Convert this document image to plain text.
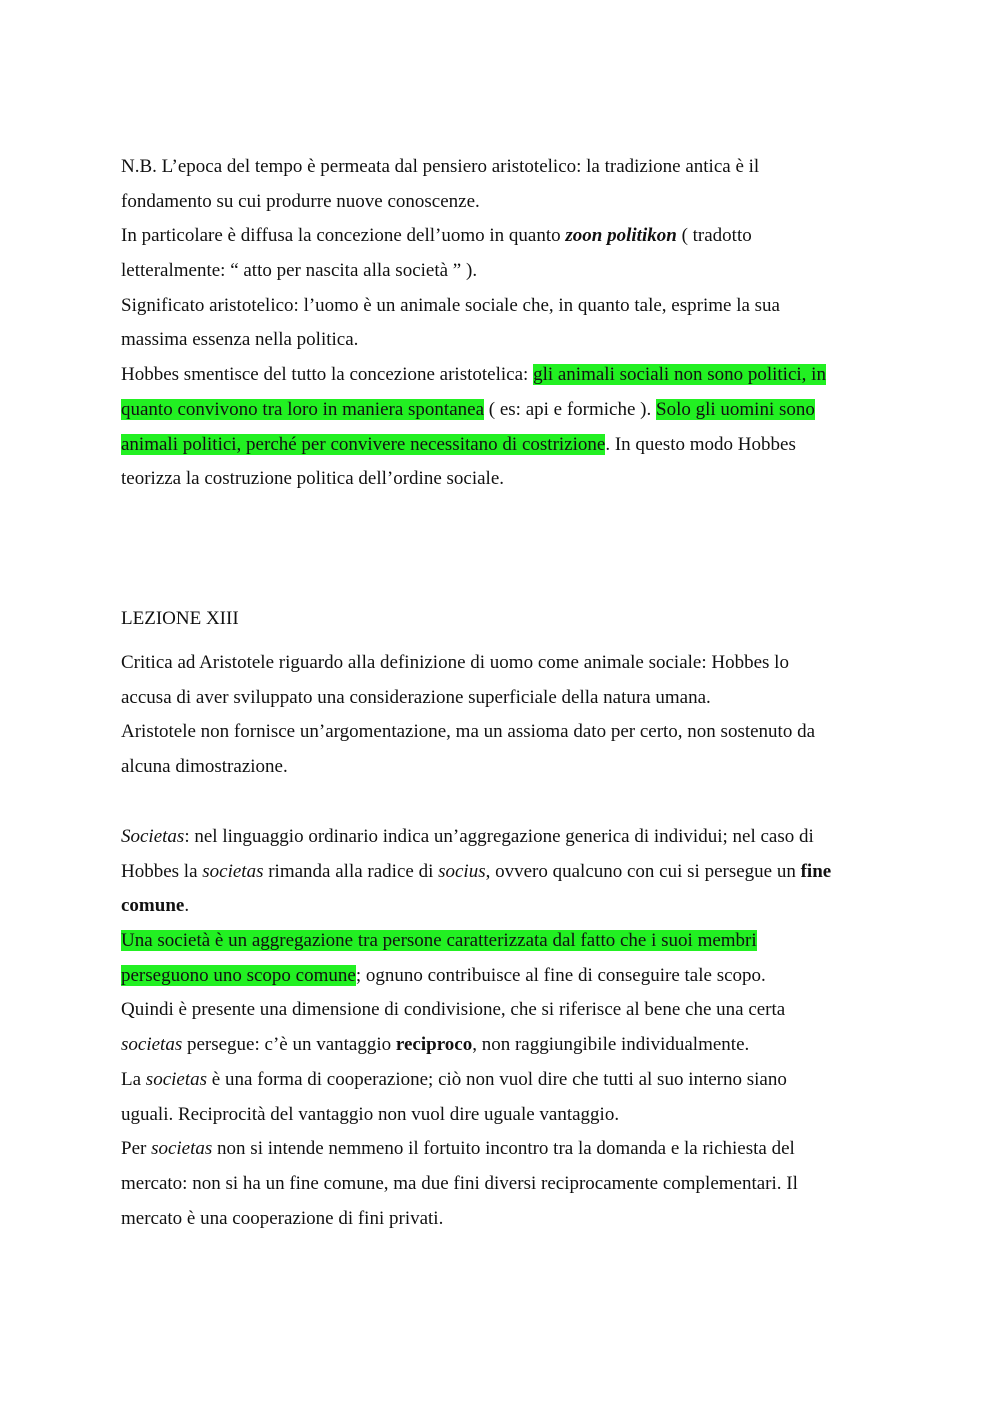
N.B. L’epoca del tempo è permeata dal pensiero aristotelico: la tradizione antica è il
fondamento su cui produrre nuove conoscenze.
In particolare è diffusa la concezione dell’uomo in quanto zoon politikon ( tradotto
letteralmente: “ atto per nascita alla società ” ).
Significato aristotelico: l’uomo è un animale sociale che, in quanto tale, esprime la sua
massima essenza nella politica.
Hobbes smentisce del tutto la concezione aristotelica: gli animali sociali non sono politici, in
quanto convivono tra loro in maniera spontanea ( es: api e formiche ). Solo gli uomini sono
animali politici, perché per convivere necessitano di costrizione. In questo modo Hobbes
teorizza la costruzione politica dell’ordine sociale.
LEZIONE XIII
Critica ad Aristotele riguardo alla definizione di uomo come animale sociale: Hobbes lo
accusa di aver sviluppato una considerazione superficiale della natura umana.
Aristotele non fornisce un’argomentazione, ma un assioma dato per certo, non sostenuto da
alcuna dimostrazione.
Societas: nel linguaggio ordinario indica un’aggregazione generica di individui; nel caso di
Hobbes la societas rimanda alla radice di socius, ovvero qualcuno con cui si persegue un fine
comune.
Una società è un aggregazione tra persone caratterizzata dal fatto che i suoi membri
perseguono uno scopo comune; ognuno contribuisce al fine di conseguire tale scopo.
Quindi è presente una dimensione di condivisione, che si riferisce al bene che una certa
societas persegue: c’è un vantaggio reciproco, non raggiungibile individualmente.
La societas è una forma di cooperazione; ciò non vuol dire che tutti al suo interno siano
uguali. Reciprocità del vantaggio non vuol dire uguale vantaggio.
Per societas non si intende nemmeno il fortuito incontro tra la domanda e la richiesta del
mercato: non si ha un fine comune, ma due fini diversi reciprocamente complementari. Il
mercato è una cooperazione di fini privati.
